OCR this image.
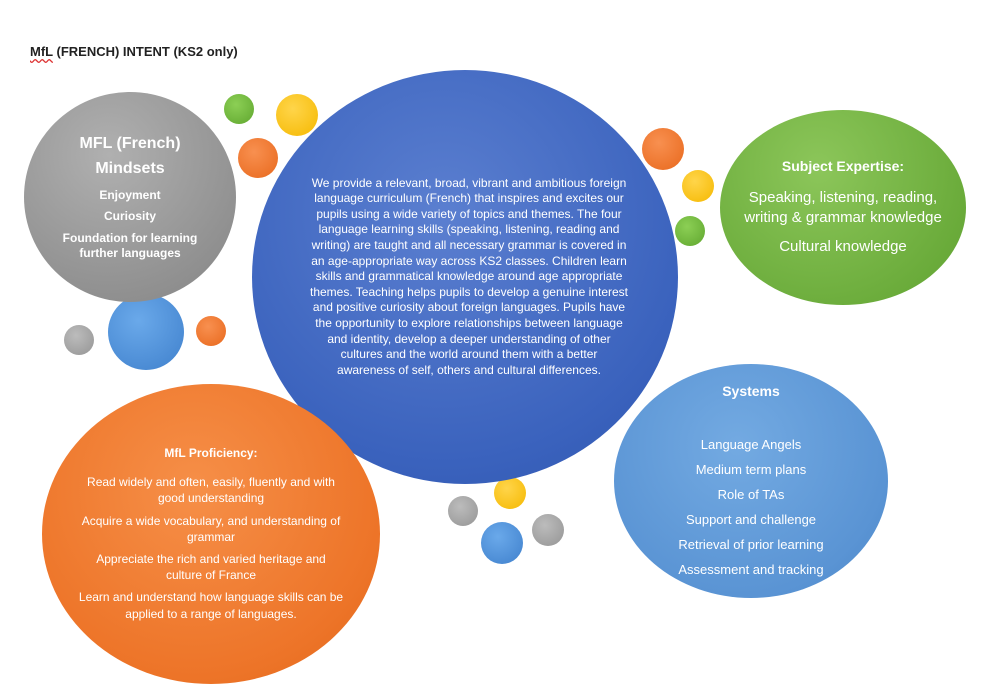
MfL (FRENCH) INTENT (KS2 only)
MFL (French)
Mindsets
Enjoyment
Curiosity
Foundation for learning further languages
We provide a relevant, broad, vibrant and ambitious foreign language curriculum (French) that inspires and excites our pupils using a wide variety of topics and themes. The four language learning skills (speaking, listening, reading and writing) are taught and all necessary grammar is covered in an age-appropriate way across KS2 classes. Children learn skills and grammatical knowledge around age appropriate themes. Teaching helps pupils to develop a genuine interest and positive curiosity about foreign languages. Pupils have the opportunity to explore relationships between language and identity, develop a deeper understanding of other cultures and the world around them with a better awareness of self, others and cultural differences.
Subject Expertise:
Speaking, listening, reading, writing & grammar knowledge
Cultural knowledge
MfL Proficiency:
Read widely and often, easily, fluently and with good understanding
Acquire a wide vocabulary, and understanding of grammar
Appreciate the rich and varied heritage and culture of France
Learn and understand how language skills can be applied to a range of languages.
Systems
Language Angels
Medium term plans
Role of TAs
Support and challenge
Retrieval of prior learning
Assessment and tracking
